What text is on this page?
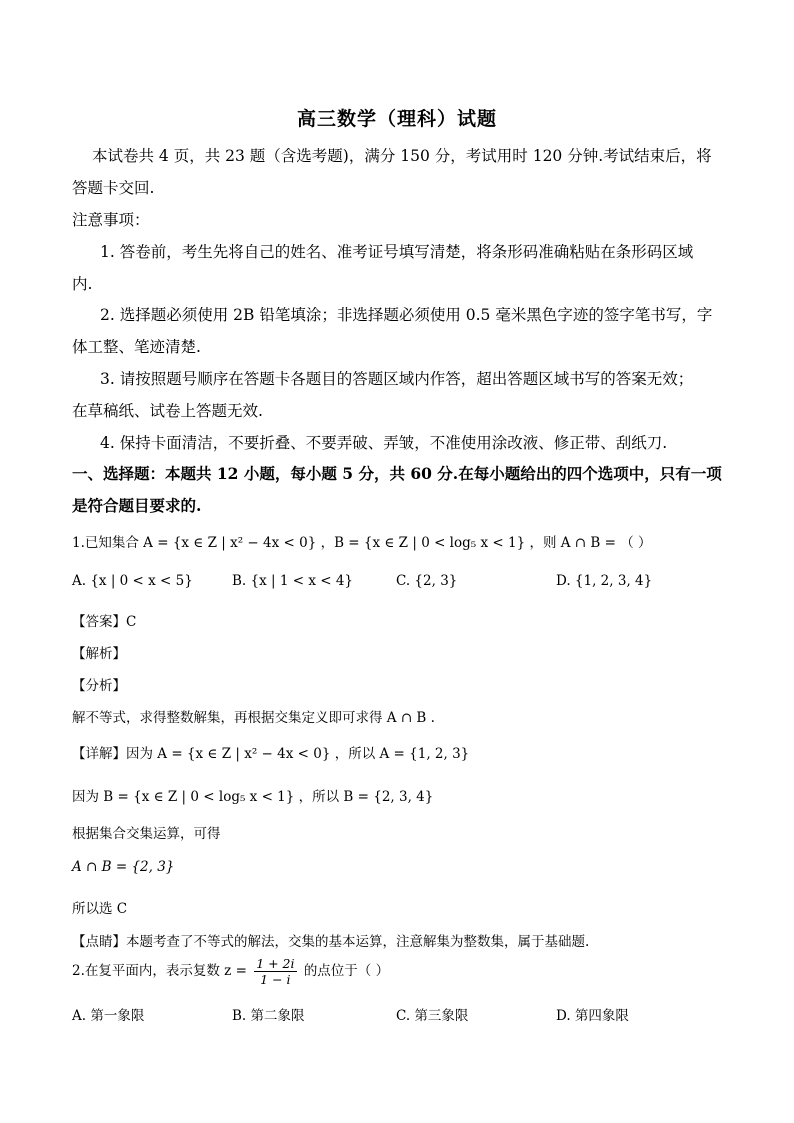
高三数学（理科）试题
本试卷共 4 页，共 23 题（含选考题)，满分 150 分，考试用时 120 分钟.考试结束后，将
答题卡交回.
注意事项：
1. 答卷前，考生先将自己的姓名、准考证号填写清楚，将条形码准确粘贴在条形码区域
内.
2. 选择题必须使用 2B 铅笔填涂；非选择题必须使用 0.5 毫米黑色字迹的签字笔书写，字
体工整、笔迹清楚.
3. 请按照题号顺序在答题卡各题目的答题区域内作答，超出答题区域书写的答案无效；
在草稿纸、试卷上答题无效.
4. 保持卡面清洁，不要折叠、不要弄破、弄皱，不准使用涂改液、修正带、刮纸刀.
一、选择题：本题共 12 小题，每小题 5 分，共 60 分.在每小题给出的四个选项中，只有一项
是符合题目要求的.
1.已知集合 A = {x ∈ Z | x² − 4x < 0} ，B = {x ∈ Z | 0 < log₅ x < 1} ，则 A ∩ B = （ ）
A. {x | 0 < x < 5}	B. {x | 1 < x < 4}	C. {2, 3}	D. {1, 2, 3, 4}
【答案】C
【解析】
【分析】
解不等式，求得整数解集，再根据交集定义即可求得 A ∩ B .
【详解】因为 A = {x ∈ Z | x² − 4x < 0} ，所以 A = {1, 2, 3}
因为 B = {x ∈ Z | 0 < log₅ x < 1} ，所以 B = {2, 3, 4}
根据集合交集运算，可得
A ∩ B = {2, 3}
所以选 C
【点睛】本题考查了不等式的解法，交集的基本运算，注意解集为整数集，属于基础题.
2.在复平面内，表示复数 $z = \frac{1 + 2i}{1 - i}$ 的点位于（ ）
A. 第一象限	B. 第二象限	C. 第三象限	D. 第四象限
